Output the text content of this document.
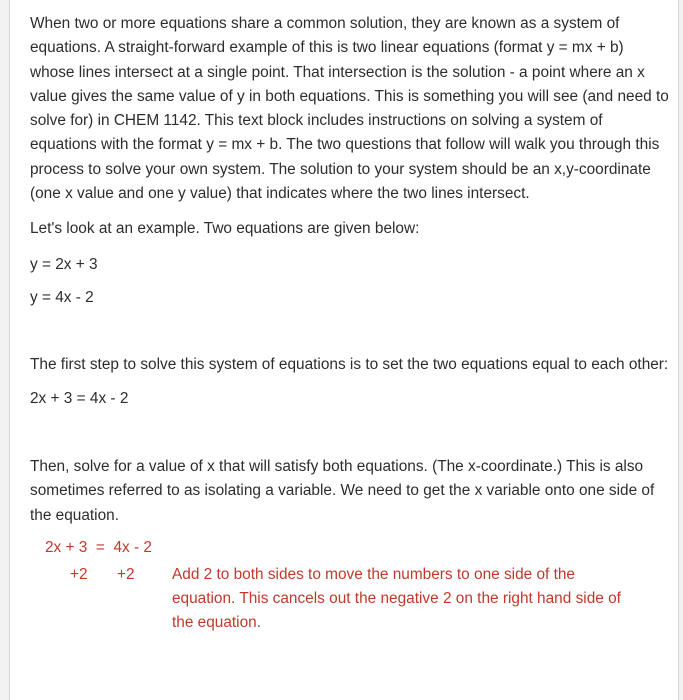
When two or more equations share a common solution, they are known as a system of equations. A straight-forward example of this is two linear equations (format y = mx + b) whose lines intersect at a single point. That intersection is the solution - a point where an x value gives the same value of y in both equations. This is something you will see (and need to solve for) in CHEM 1142. This text block includes instructions on solving a system of equations with the format y = mx + b. The two questions that follow will walk you through this process to solve your own system. The solution to your system should be an x,y-coordinate (one x value and one y value) that indicates where the two lines intersect.

Let's look at an example. Two equations are given below:

y = 2x + 3

y = 4x - 2

The first step to solve this system of equations is to set the two equations equal to each other:

2x + 3 = 4x - 2

Then, solve for a value of x that will satisfy both equations. (The x-coordinate.) This is also sometimes referred to as isolating a variable. We need to get the x variable onto one side of the equation.

2x + 3  =  4x - 2
+2 +2 Add 2 to both sides to move the numbers to one side of the equation. This cancels out the negative 2 on the right hand side of the equation.
